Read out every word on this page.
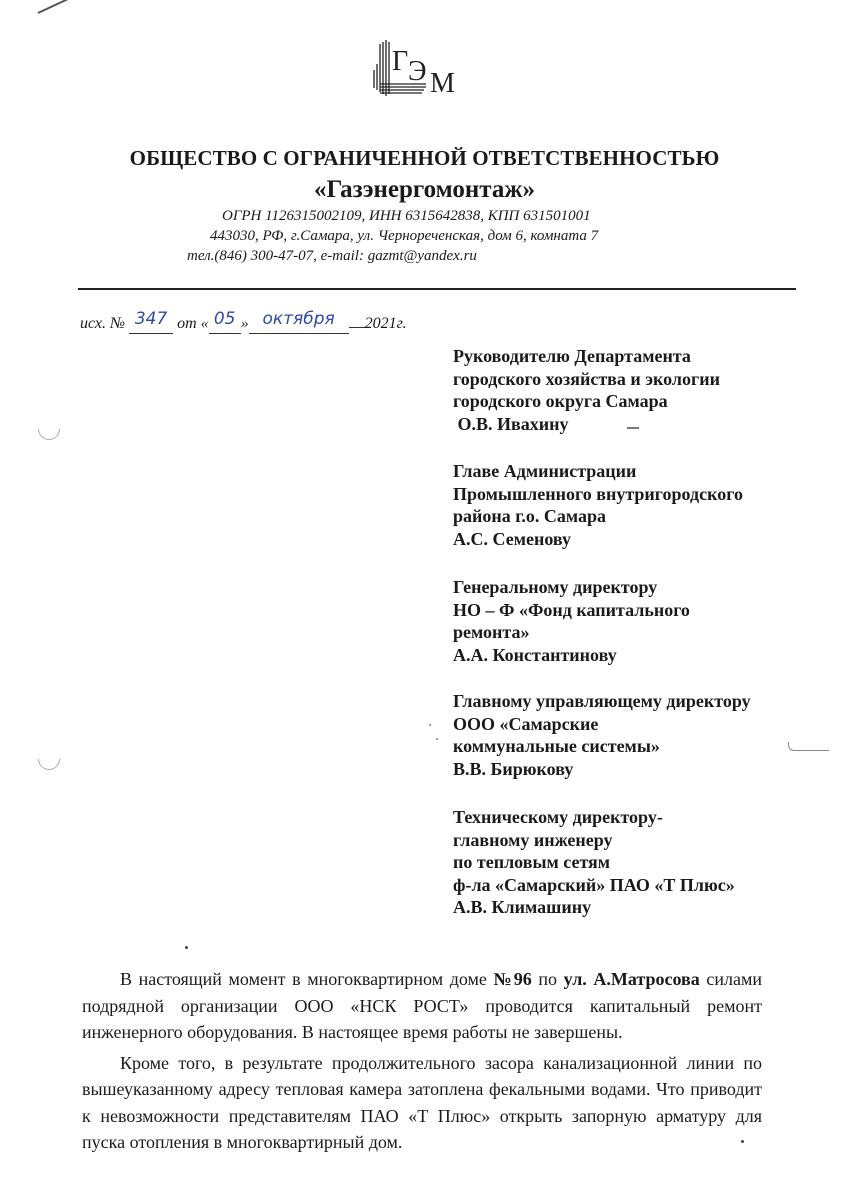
Г Э М
ОБЩЕСТВО С ОГРАНИЧЕННОЙ ОТВЕТСТВЕННОСТЬЮ
«Газэнергомонтаж»
ОГРН 1126315002109, ИНН 6315642838, КПП 631501001
443030, РФ, г.Самара, ул. Чернореченская, дом 6, комната 7
тел.(846) 300-47-07, e-mail: gazmt@yandex.ru
исх. № 347 от « 05 » октября 2021г.
Руководителю Департамента
городского хозяйства и экологии
городского округа Самара
О.В. Ивахину
Главе Администрации
Промышленного внутригородского
района г.о. Самара
А.С. Семенову
Генеральному директору
НО – Ф «Фонд капитального
ремонта»
А.А. Константинову
Главному управляющему директору
ООО «Самарские
коммунальные системы»
В.В. Бирюкову
Техническому директору-
главному инженеру
по тепловым сетям
ф-ла «Самарский» ПАО «Т Плюс»
А.В. Климашину

В настоящий момент в многоквартирном доме №96 по ул. А.Матросова силами подрядной организации ООО «НСК РОСТ» проводится капитальный ремонт инженерного оборудования. В настоящее время работы не завершены.

Кроме того, в результате продолжительного засора канализационной линии по вышеуказанному адресу тепловая камера затоплена фекальными водами. Что приводит к невозможности представителям ПАО «Т Плюс» открыть запорную арматуру для пуска отопления в многоквартирный дом.
